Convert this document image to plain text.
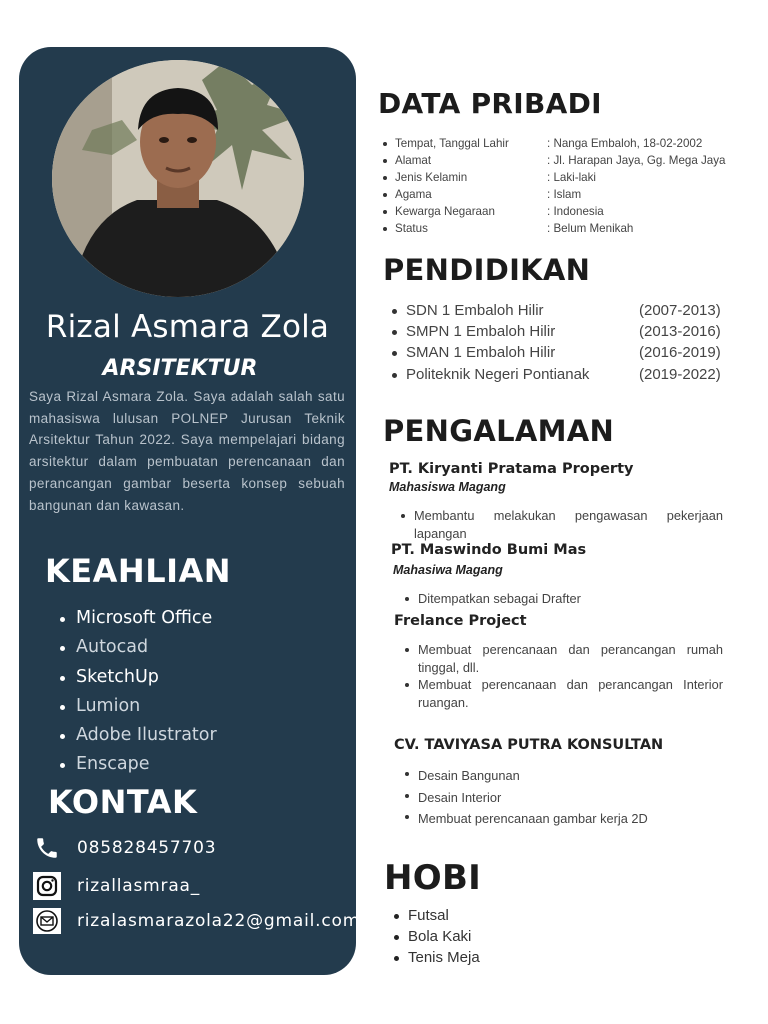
Rizal Asmara Zola
ARSITEKTUR

Saya Rizal Asmara Zola. Saya adalah salah satu mahasiswa lulusan POLNEP Jurusan Teknik Arsitektur Tahun 2022. Saya mempelajari bidang arsitektur dalam pembuatan perencanaan dan perancangan gambar beserta konsep sebuah bangunan dan kawasan.

KEAHLIAN
Microsoft Office
Autocad
SketchUp
Lumion
Adobe Ilustrator
Enscape
KONTAK
085828457703
rizallasmraa_
rizalasmarazola22@gmail.com
DATA PRIBADI
Tempat, Tanggal Lahir	: Nanga Embaloh, 18-02-2002
Alamat	: Jl. Harapan Jaya, Gg. Mega Jaya
Jenis Kelamin	: Laki-laki
Agama	: Islam
Kewarga Negaraan	: Indonesia
Status	: Belum Menikah
PENDIDIKAN
SDN 1 Embaloh Hilir	(2007-2013)
SMPN 1 Embaloh Hilir	(2013-2016)
SMAN 1 Embaloh Hilir	(2016-2019)
Politeknik Negeri Pontianak	(2019-2022)
PENGALAMAN
PT. Kiryanti Pratama Property
Mahasiswa Magang
Membantu melakukan pengawasan pekerjaan lapangan
PT. Maswindo Bumi Mas
Mahasiwa Magang
Ditempatkan sebagai Drafter
Frelance Project
Membuat perencanaan dan perancangan rumah tinggal, dll.
Membuat perencanaan dan perancangan Interior ruangan.
CV. TAVIYASA PUTRA KONSULTAN
Desain Bangunan
Desain Interior
Membuat perencanaan gambar kerja 2D
HOBI
Futsal
Bola Kaki
Tenis Meja
